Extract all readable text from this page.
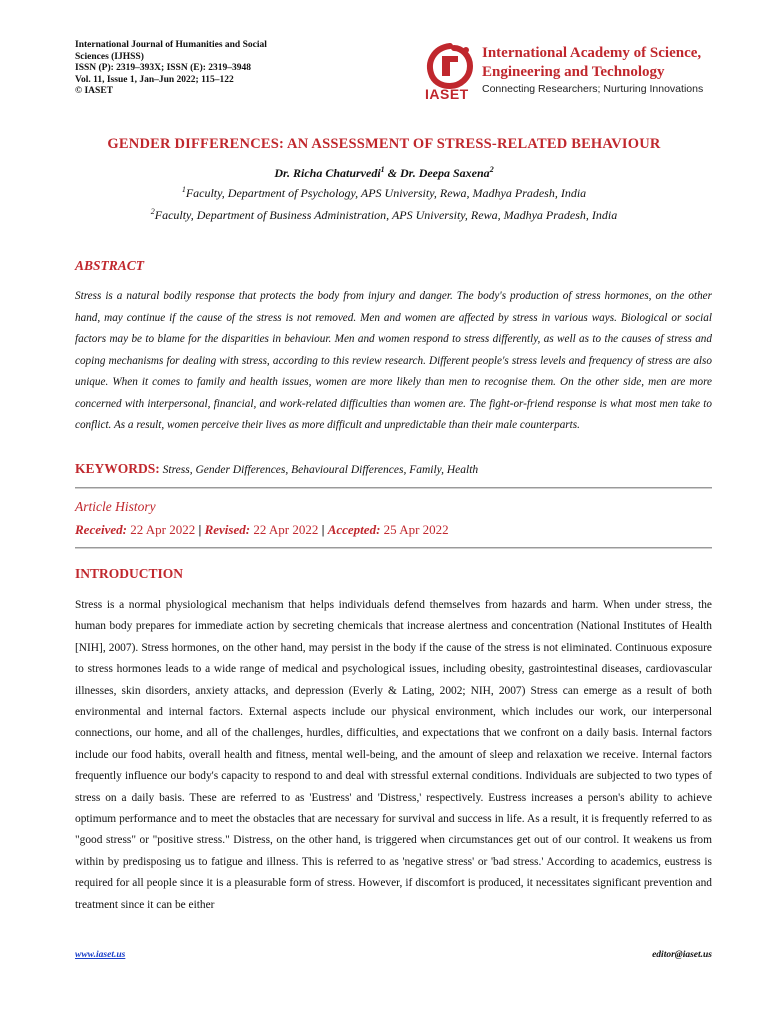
International Journal of Humanities and Social
Sciences (IJHSS)
ISSN (P): 2319–393X; ISSN (E): 2319–3948
Vol. 11, Issue 1, Jan–Jun 2022; 115–122
© IASET	IASET
International Academy of Science,
Engineering and Technology
Connecting Researchers; Nurturing Innovations
GENDER DIFFERENCES: AN ASSESSMENT OF STRESS-RELATED BEHAVIOUR
Dr. Richa Chaturvedi$^1$ & Dr. Deepa Saxena$^2$
$^1$Faculty, Department of Psychology, APS University, Rewa, Madhya Pradesh, India
$^2$Faculty, Department of Business Administration, APS University, Rewa, Madhya Pradesh, India
ABSTRACT
Stress is a natural bodily response that protects the body from injury and danger. The body's production of stress hormones, on the other hand, may continue if the cause of the stress is not removed. Men and women are affected by stress in various ways. Biological or social factors may be to blame for the disparities in behaviour. Men and women respond to stress differently, as well as to the causes of stress and coping mechanisms for dealing with stress, according to this review research. Different people's stress levels and frequency of stress are also unique. When it comes to family and health issues, women are more likely than men to recognise them. On the other side, men are more concerned with interpersonal, financial, and work-related difficulties than women are. The fight-or-friend response is what most men take to conflict. As a result, women perceive their lives as more difficult and unpredictable than their male counterparts.
KEYWORDS: Stress, Gender Differences, Behavioural Differences, Family, Health
Article History
Received: 22 Apr 2022 | Revised: 22 Apr 2022 | Accepted: 25 Apr 2022
INTRODUCTION
Stress is a normal physiological mechanism that helps individuals defend themselves from hazards and harm. When under stress, the human body prepares for immediate action by secreting chemicals that increase alertness and concentration (National Institutes of Health [NIH], 2007). Stress hormones, on the other hand, may persist in the body if the cause of the stress is not eliminated. Continuous exposure to stress hormones leads to a wide range of medical and psychological issues, including obesity, gastrointestinal diseases, cardiovascular illnesses, skin disorders, anxiety attacks, and depression (Everly & Lating, 2002; NIH, 2007) Stress can emerge as a result of both environmental and internal factors. External aspects include our physical environment, which includes our work, our interpersonal connections, our home, and all of the challenges, hurdles, difficulties, and expectations that we confront on a daily basis. Internal factors include our food habits, overall health and fitness, mental well-being, and the amount of sleep and relaxation we receive. Internal factors frequently influence our body's capacity to respond to and deal with stressful external conditions. Individuals are subjected to two types of stress on a daily basis. These are referred to as 'Eustress' and 'Distress,' respectively. Eustress increases a person's ability to achieve optimum performance and to meet the obstacles that are necessary for survival and success in life. As a result, it is frequently referred to as "good stress" or "positive stress." Distress, on the other hand, is triggered when circumstances get out of our control. It weakens us from within by predisposing us to fatigue and illness. This is referred to as 'negative stress' or 'bad stress.' According to academics, eustress is required for all people since it is a pleasurable form of stress. However, if discomfort is produced, it necessitates significant prevention and treatment since it can be either
www.iaset.us	editor@iaset.us
